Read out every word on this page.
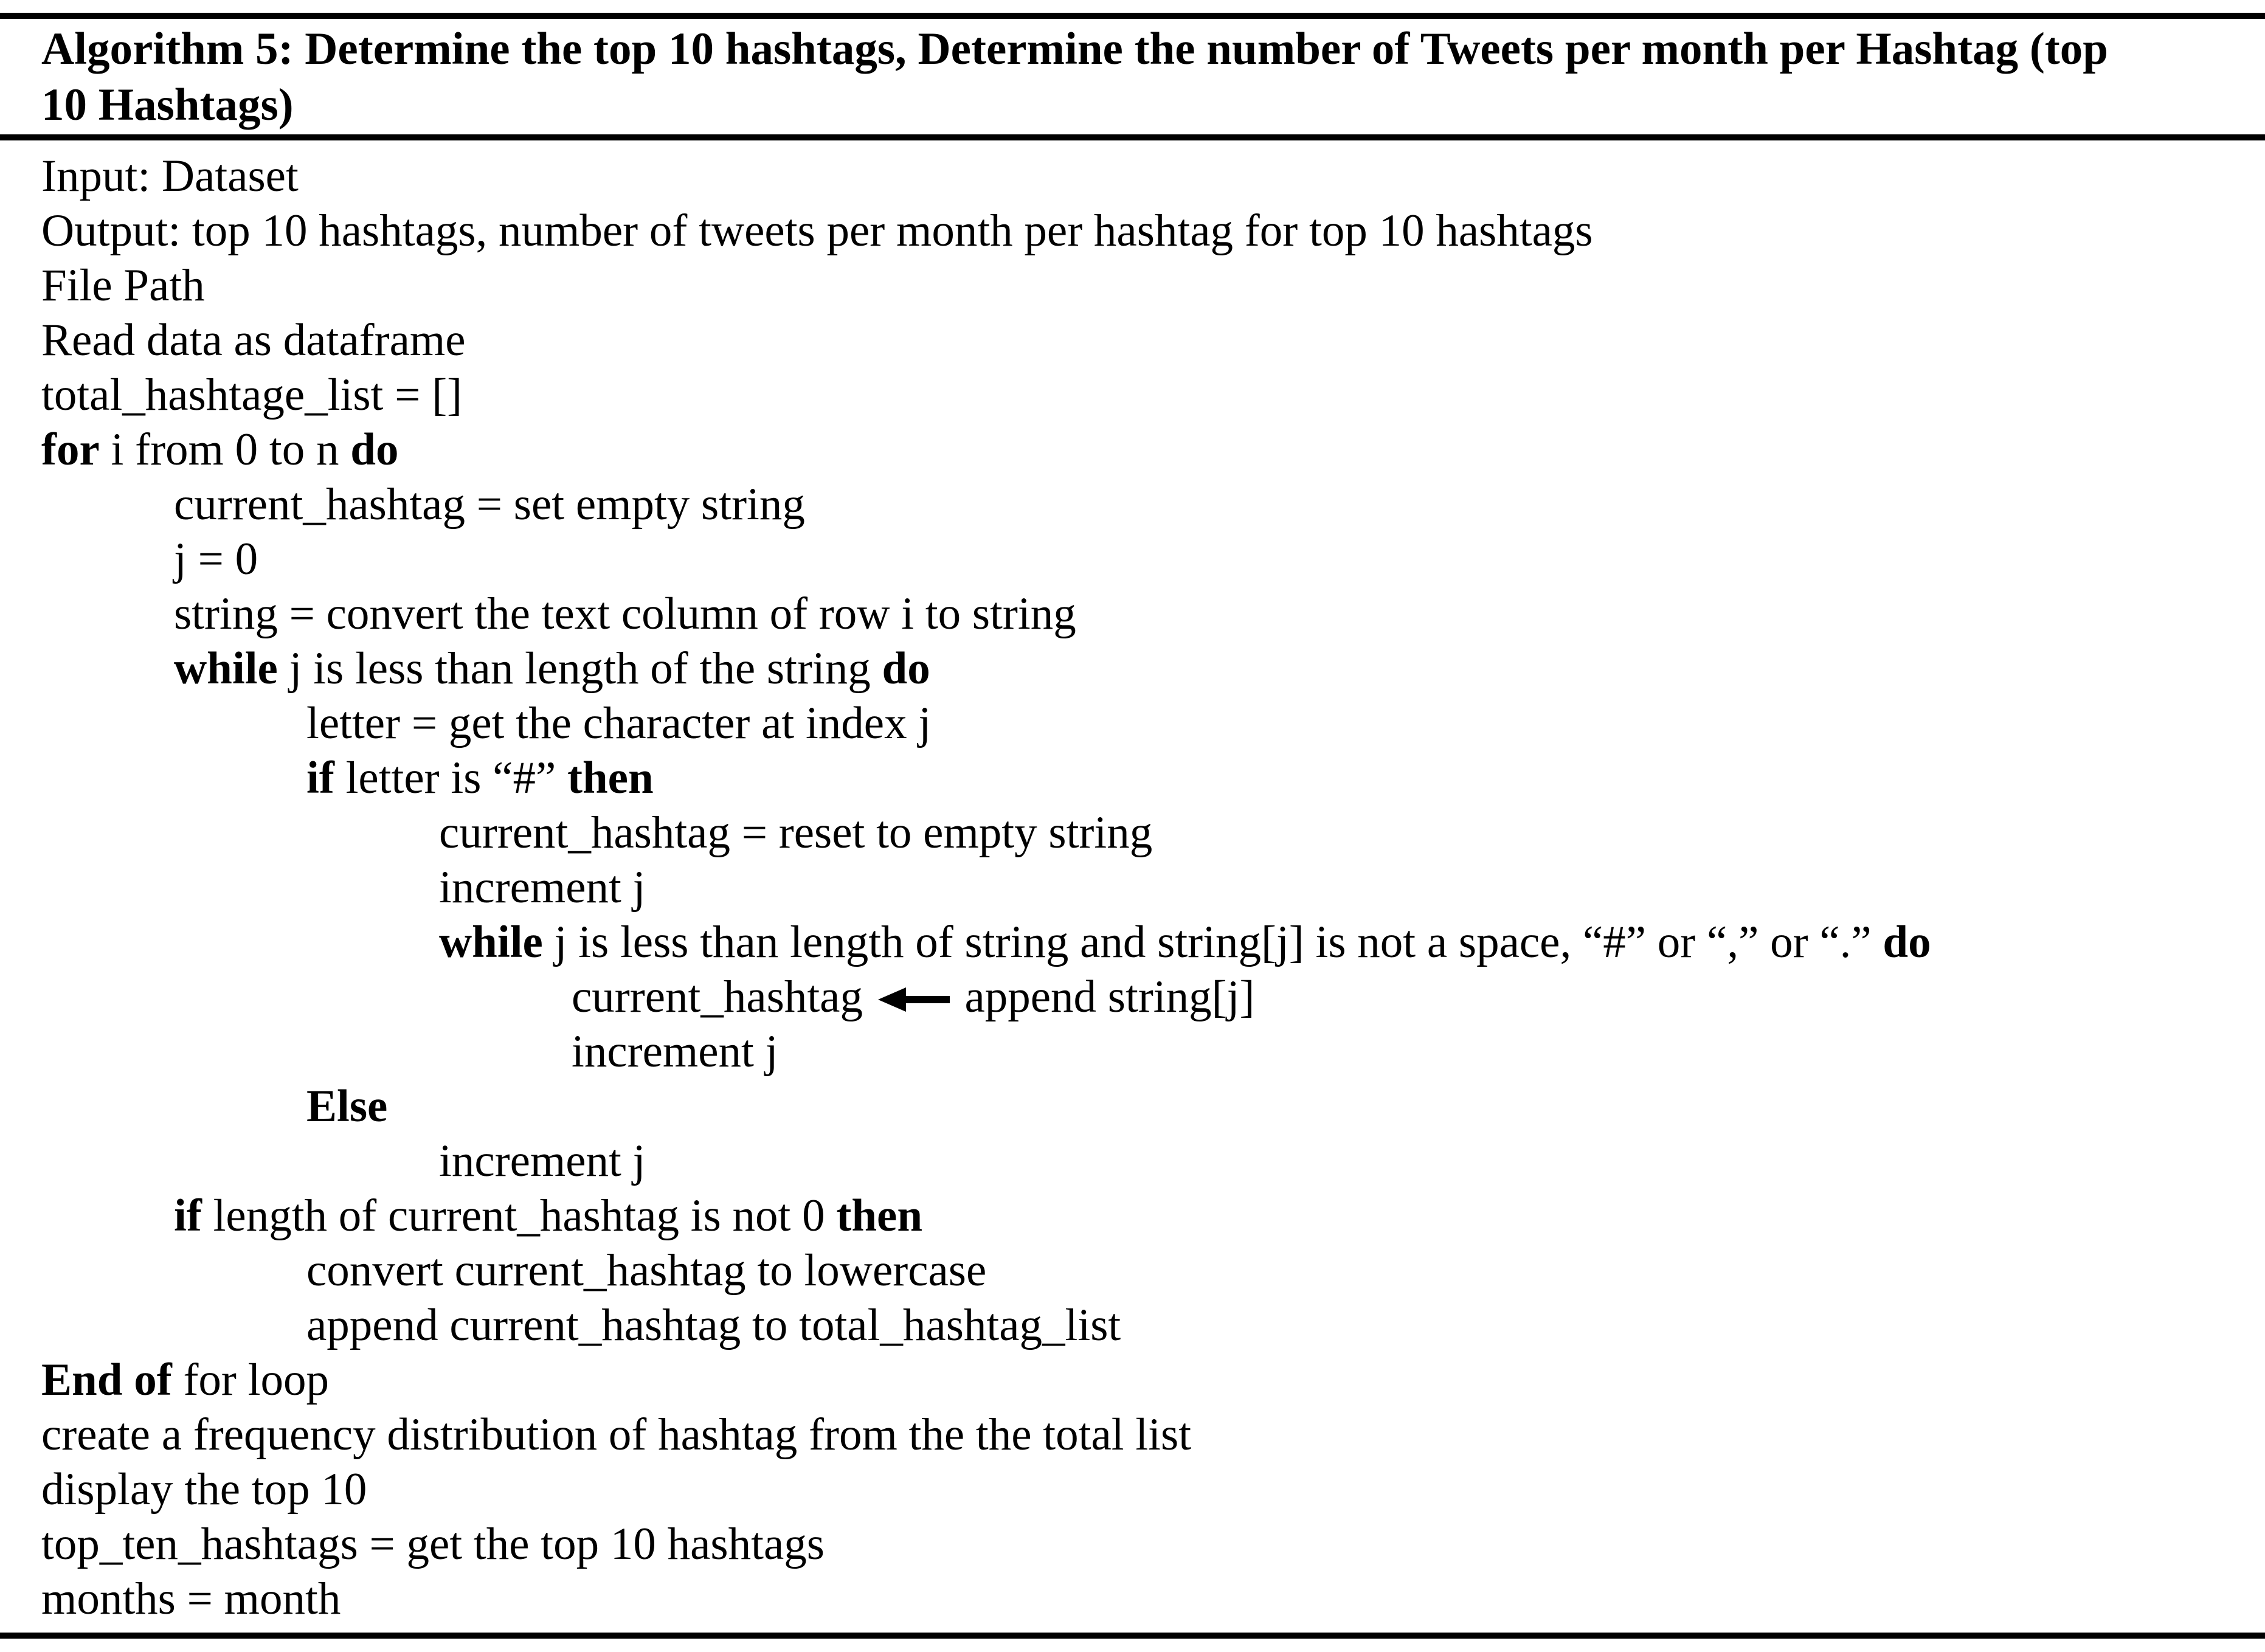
Algorithm 5: Determine the top 10 hashtags, Determine the number of Tweets per month per Hashtag (top
10 Hashtags)
Input: Dataset
Output: top 10 hashtags, number of tweets per month per hashtag for top 10 hashtags
File Path
Read data as dataframe
total_hashtage_list = []
for i from 0 to n do
current_hashtag = set empty string
j = 0
string = convert the text column of row i to string
while j is less than length of the string do
letter = get the character at index j
if letter is “#” then
current_hashtag = reset to empty string
increment j
while j is less than length of string and string[j] is not a space, “#” or “,” or “.” do
current_hashtag  append string[j]
increment j
Else
increment j
if length of current_hashtag is not 0 then
convert current_hashtag to lowercase
append current_hashtag to total_hashtag_list
End of for loop
create a frequency distribution of hashtag from the the total list
display the top 10
top_ten_hashtags = get the top 10 hashtags
months = month
